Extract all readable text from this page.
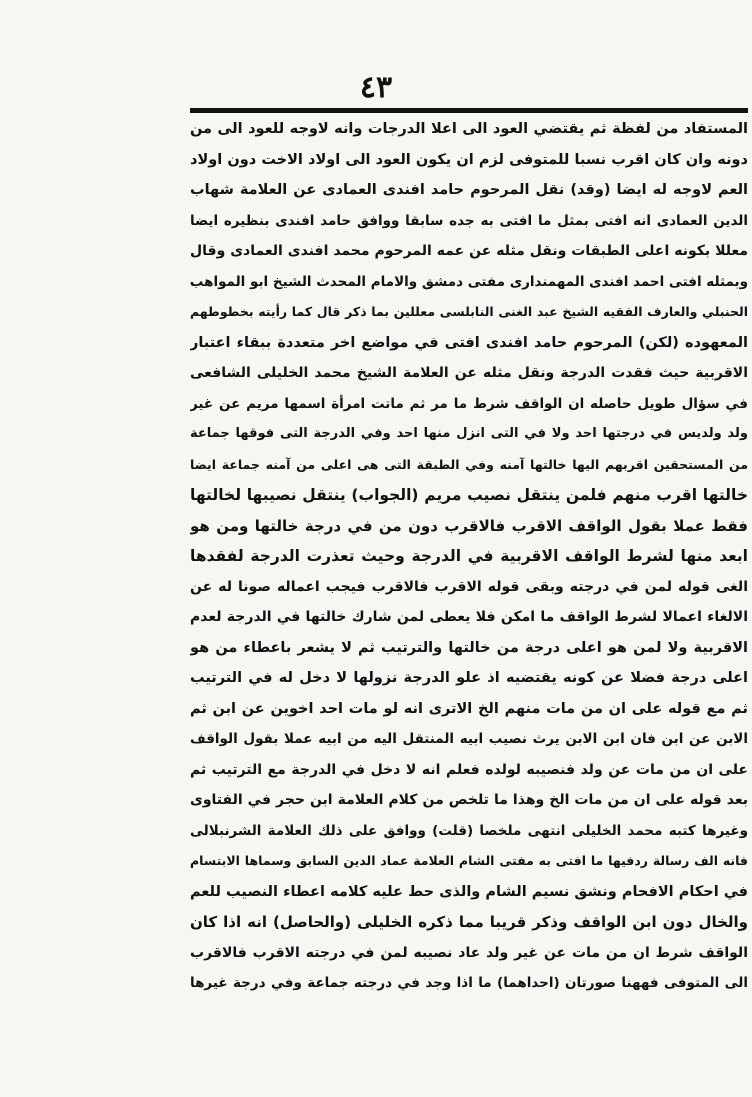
٤٣
المستفاد من لفظة ثم يقتضي العود الى اعلا الدرجات وانه لاوجه للعود الى من
دونه وان كان اقرب نسبا للمتوفى لزم ان يكون العود الى اولاد الاخت دون اولاد
العم لاوجه له ايضا (وقد) نقل المرحوم حامد افندى العمادى عن العلامة شهاب
الدين العمادى انه افتى بمثل ما افتى به جده سابقا ووافق حامد افندى بنظيره ايضا
معللا بكونه اعلى الطبقات ونقل مثله عن عمه المرحوم محمد افندى العمادى وقال
وبمثله افتى احمد افندى المهمندارى مفتى دمشق والامام المحدث الشيخ ابو المواهب
الحنبلي والعارف الفقيه الشيخ عبد الغنى النابلسى معللين بما ذكر قال كما رأيته بخطوطهم
المعهوده (لكن) المرحوم حامد افندى افتى في مواضع اخر متعددة ببقاء اعتبار
الاقربية حيث فقدت الدرجة ونقل مثله عن العلامة الشيخ محمد الخليلى الشافعى
في سؤال طويل حاصله ان الواقف شرط ما مر ثم ماتت امرأة اسمها مريم عن غير
ولد ولديس في درجتها احد ولا في التى انزل منها احد وفي الدرجة التى فوقها جماعة
من المستحقين اقربهم اليها خالتها آمنه وفي الطبقة التى هى اعلى من آمنه جماعة ايضا
خالتها اقرب منهم فلمن ينتقل نصيب مريم (الجواب) ينتقل نصيبها لخالتها
فقط عملا بقول الواقف الاقرب فالاقرب دون من في درجة خالتها ومن هو
ابعد منها لشرط الواقف الاقربية في الدرجة وحيث تعذرت الدرجة لفقدها
الغى قوله لمن في درجته وبقى قوله الاقرب فالاقرب فيجب اعماله صونا له عن
الالغاء اعمالا لشرط الواقف ما امكن فلا يعطى لمن شارك خالتها في الدرجة لعدم
الاقربية ولا لمن هو اعلى درجة من خالتها والترتيب ثم لا يشعر باعطاء من هو
اعلى درجة فضلا عن كونه يقتضيه اذ علو الدرجة نزولها لا دخل له في الترتيب
ثم مع قوله على ان من مات منهم الخ الاترى انه لو مات احد اخوين عن ابن ثم
الابن عن ابن فان ابن الابن يرث نصيب ابيه المنتقل اليه من ابيه عملا بقول الواقف
على ان من مات عن ولد فنصيبه لولده فعلم انه لا دخل في الدرجة مع الترتيب ثم
بعد قوله على ان من مات الخ وهذا ما تلخص من كلام العلامة ابن حجر في الفتاوى
وغيرها كتبه محمد الخليلى انتهى ملخصا (قلت) ووافق على ذلك العلامة الشرنبلالى
فانه الف رسالة ردفيها ما افتى به مفتى الشام العلامة عماد الدين السابق وسماها الابتسام
في احكام الافحام ونشق نسيم الشام والذى حط عليه كلامه اعطاء النصيب للعم
والخال دون ابن الواقف وذكر قريبا مما ذكره الخليلى (والحاصل) انه اذا كان
الواقف شرط ان من مات عن غير ولد عاد نصيبه لمن في درجته الاقرب فالاقرب
الى المتوفى فههنا صورتان (احداهما) ما اذا وجد في درجته جماعة وفي درجة غيرها
